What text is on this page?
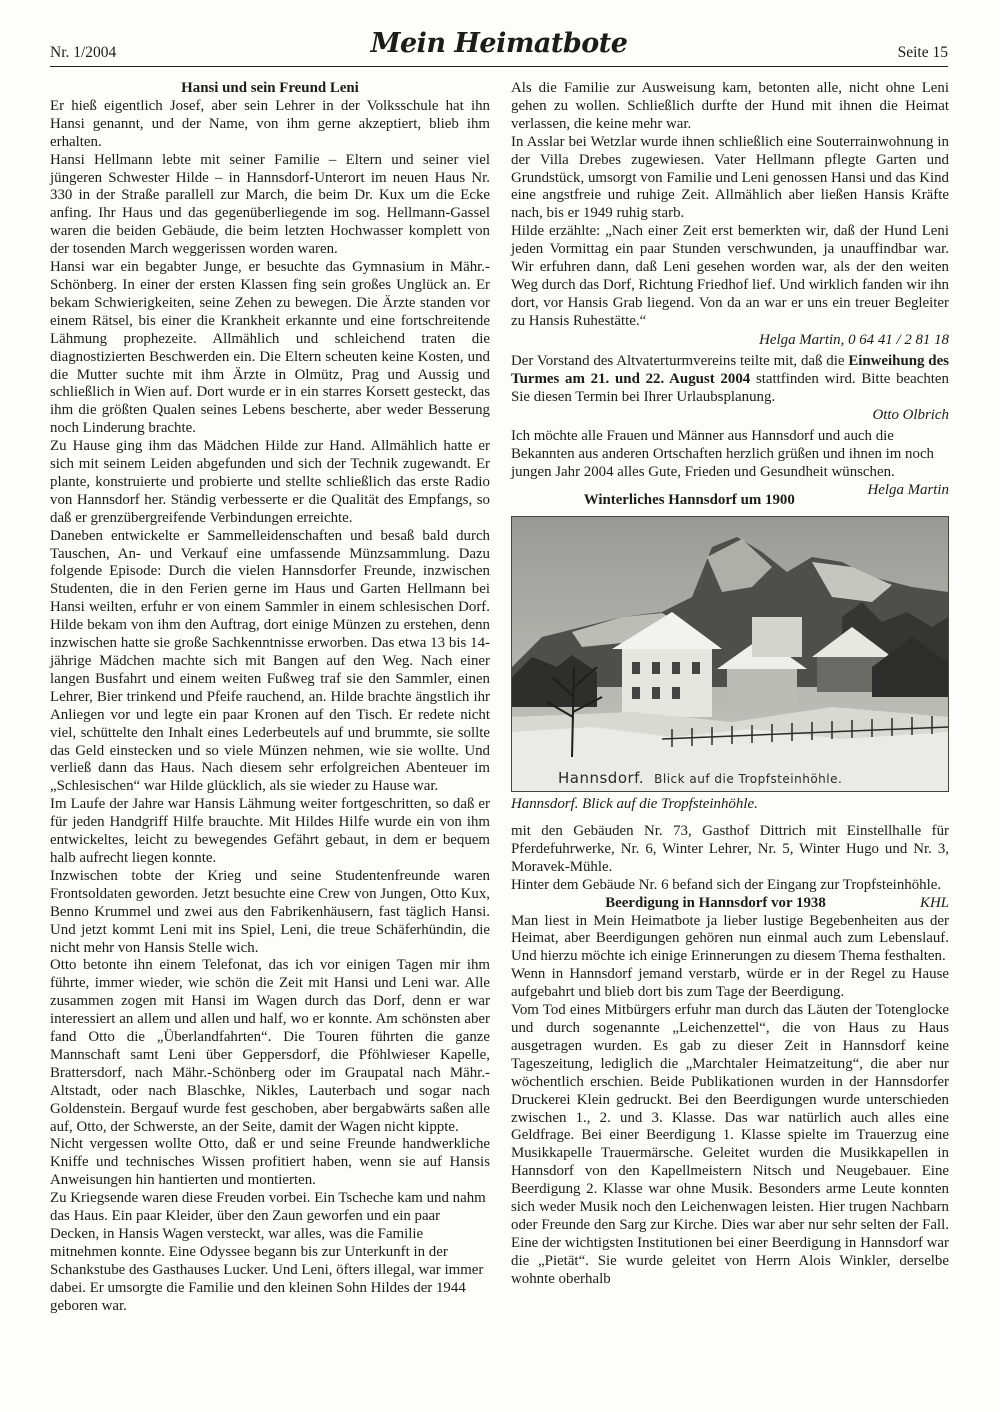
Nr. 1/2004	Mein Heimatbote	Seite 15
Hansi und sein Freund Leni

Er hieß eigentlich Josef, aber sein Lehrer in der Volksschule hat ihn Hansi genannt, und der Name, von ihm gerne akzeptiert, blieb ihm erhalten.

Hansi Hellmann lebte mit seiner Familie – Eltern und seiner viel jüngeren Schwester Hilde – in Hannsdorf-Unterort im neuen Haus Nr. 330 in der Straße parallell zur March, die beim Dr. Kux um die Ecke anfing. Ihr Haus und das gegenüberliegende im sog. Hellmann-Gassel waren die beiden Gebäude, die beim letzten Hochwasser komplett von der tosenden March weggerissen worden waren.

Hansi war ein begabter Junge, er besuchte das Gymnasium in Mähr.-Schönberg. In einer der ersten Klassen fing sein großes Unglück an. Er bekam Schwierigkeiten, seine Zehen zu bewegen. Die Ärzte standen vor einem Rätsel, bis einer die Krankheit erkannte und eine fortschreitende Lähmung prophezeite. Allmählich und schleichend traten die diagnostizierten Beschwerden ein. Die Eltern scheuten keine Kosten, und die Mutter suchte mit ihm Ärzte in Olmütz, Prag und Aussig und schließlich in Wien auf. Dort wurde er in ein starres Korsett gesteckt, das ihm die größten Qualen seines Lebens bescherte, aber weder Besserung noch Linderung brachte.

Zu Hause ging ihm das Mädchen Hilde zur Hand. Allmählich hatte er sich mit seinem Leiden abgefunden und sich der Technik zugewandt. Er plante, konstruierte und probierte und stellte schließlich das erste Radio von Hannsdorf her. Ständig verbesserte er die Qualität des Empfangs, so daß er grenzübergreifende Verbindungen erreichte.

Daneben entwickelte er Sammelleidenschaften und besaß bald durch Tauschen, An- und Verkauf eine umfassende Münzsammlung. Dazu folgende Episode: Durch die vielen Hannsdorfer Freunde, inzwischen Studenten, die in den Ferien gerne im Haus und Garten Hellmann bei Hansi weilten, erfuhr er von einem Sammler in einem schlesischen Dorf. Hilde bekam von ihm den Auftrag, dort einige Münzen zu erstehen, denn inzwischen hatte sie große Sachkenntnisse erworben. Das etwa 13 bis 14-jährige Mädchen machte sich mit Bangen auf den Weg. Nach einer langen Busfahrt und einem weiten Fußweg traf sie den Sammler, einen Lehrer, Bier trinkend und Pfeife rauchend, an. Hilde brachte ängstlich ihr Anliegen vor und legte ein paar Kronen auf den Tisch. Er redete nicht viel, schüttelte den Inhalt eines Lederbeutels auf und brummte, sie sollte das Geld einstecken und so viele Münzen nehmen, wie sie wollte. Und verließ dann das Haus. Nach diesem sehr erfolgreichen Abenteuer im „Schlesischen“ war Hilde glücklich, als sie wieder zu Hause war.

Im Laufe der Jahre war Hansis Lähmung weiter fortgeschritten, so daß er für jeden Handgriff Hilfe brauchte. Mit Hildes Hilfe wurde ein von ihm entwickeltes, leicht zu bewegendes Gefährt gebaut, in dem er bequem halb aufrecht liegen konnte.

Inzwischen tobte der Krieg und seine Studentenfreunde waren Frontsoldaten geworden. Jetzt besuchte eine Crew von Jungen, Otto Kux, Benno Krummel und zwei aus den Fabrikenhäusern, fast täglich Hansi. Und jetzt kommt Leni mit ins Spiel, Leni, die treue Schäferhündin, die nicht mehr von Hansis Stelle wich.

Otto betonte ihn einem Telefonat, das ich vor einigen Tagen mir ihm führte, immer wieder, wie schön die Zeit mit Hansi und Leni war. Alle zusammen zogen mit Hansi im Wagen durch das Dorf, denn er war interessiert an allem und allen und half, wo er konnte. Am schönsten aber fand Otto die „Überlandfahrten“. Die Touren führten die ganze Mannschaft samt Leni über Geppersdorf, die Pföhlwieser Kapelle, Brattersdorf, nach Mähr.-Schönberg oder im Graupatal nach Mähr.-Altstadt, oder nach Blaschke, Nikles, Lauterbach und sogar nach Goldenstein. Bergauf wurde fest geschoben, aber bergabwärts saßen alle auf, Otto, der Schwerste, an der Seite, damit der Wagen nicht kippte.

Nicht vergessen wollte Otto, daß er und seine Freunde handwerkliche Kniffe und technisches Wissen profitiert haben, wenn sie auf Hansis Anweisungen hin hantierten und montierten.

Zu Kriegsende waren diese Freuden vorbei. Ein Tscheche kam und nahm das Haus. Ein paar Kleider, über den Zaun geworfen und ein paar Decken, in Hansis Wagen versteckt, war alles, was die Familie mitnehmen konnte. Eine Odyssee begann bis zur Unterkunft in der Schankstube des Gasthauses Lucker. Und Leni, öfters illegal, war immer dabei. Er umsorgte die Familie und den kleinen Sohn Hildes der 1944 geboren war.

Als die Familie zur Ausweisung kam, betonten alle, nicht ohne Leni gehen zu wollen. Schließlich durfte der Hund mit ihnen die Heimat verlassen, die keine mehr war.

In Asslar bei Wetzlar wurde ihnen schließlich eine Souterrainwohnung in der Villa Drebes zugewiesen. Vater Hellmann pflegte Garten und Grundstück, umsorgt von Familie und Leni genossen Hansi und das Kind eine angstfreie und ruhige Zeit. Allmählich aber ließen Hansis Kräfte nach, bis er 1949 ruhig starb.

Hilde erzählte: „Nach einer Zeit erst bemerkten wir, daß der Hund Leni jeden Vormittag ein paar Stunden verschwunden, ja unauffindbar war. Wir erfuhren dann, daß Leni gesehen worden war, als der den weiten Weg durch das Dorf, Richtung Friedhof lief. Und wirklich fanden wir ihn dort, vor Hansis Grab liegend. Von da an war er uns ein treuer Begleiter zu Hansis Ruhestätte.“

Helga Martin, 0 64 41 / 2 81 18

Der Vorstand des Altvaterturmvereins teilte mit, daß die Einweihung des Turmes am 21. und 22. August 2004 stattfinden wird. Bitte beachten Sie diesen Termin bei Ihrer Urlaubsplanung.

Otto Olbrich

Ich möchte alle Frauen und Männer aus Hannsdorf und auch die Bekannten aus anderen Ortschaften herzlich grüßen und ihnen im noch jungen Jahr 2004 alles Gute, Frieden und Gesundheit wünschen.
Helga Martin

Winterliches Hannsdorf um 1900
Hannsdorf. Blick auf die Tropfsteinhöhle.
Hannsdorf. Blick auf die Tropfsteinhöhle.

mit den Gebäuden Nr. 73, Gasthof Dittrich mit Einstellhalle für Pferdefuhrwerke, Nr. 6, Winter Lehrer, Nr. 5, Winter Hugo und Nr. 3, Moravek-Mühle.

Hinter dem Gebäude Nr. 6 befand sich der Eingang zur Tropfsteinhöhle.
KHL

Beerdigung in Hannsdorf vor 1938

Man liest in Mein Heimatbote ja lieber lustige Begebenheiten aus der Heimat, aber Beerdigungen gehören nun einmal auch zum Lebenslauf. Und hierzu möchte ich einige Erinnerungen zu diesem Thema festhalten.

Wenn in Hannsdorf jemand verstarb, würde er in der Regel zu Hause aufgebahrt und blieb dort bis zum Tage der Beerdigung.

Vom Tod eines Mitbürgers erfuhr man durch das Läuten der Totenglocke und durch sogenannte „Leichenzettel“, die von Haus zu Haus ausgetragen wurden. Es gab zu dieser Zeit in Hannsdorf keine Tageszeitung, lediglich die „Marchtaler Heimatzeitung“, die aber nur wöchentlich erschien. Beide Publikationen wurden in der Hannsdorfer Druckerei Klein gedruckt. Bei den Beerdigungen wurde unterschieden zwischen 1., 2. und 3. Klasse. Das war natürlich auch alles eine Geldfrage. Bei einer Beerdigung 1. Klasse spielte im Trauerzug eine Musikkapelle Trauermärsche. Geleitet wurden die Musikkapellen in Hannsdorf von den Kapellmeistern Nitsch und Neugebauer. Eine Beerdigung 2. Klasse war ohne Musik. Besonders arme Leute konnten sich weder Musik noch den Leichenwagen leisten. Hier trugen Nachbarn oder Freunde den Sarg zur Kirche. Dies war aber nur sehr selten der Fall. Eine der wichtigsten Institutionen bei einer Beerdigung in Hannsdorf war die „Pietät“. Sie wurde geleitet von Herrn Alois Winkler, derselbe wohnte oberhalb
